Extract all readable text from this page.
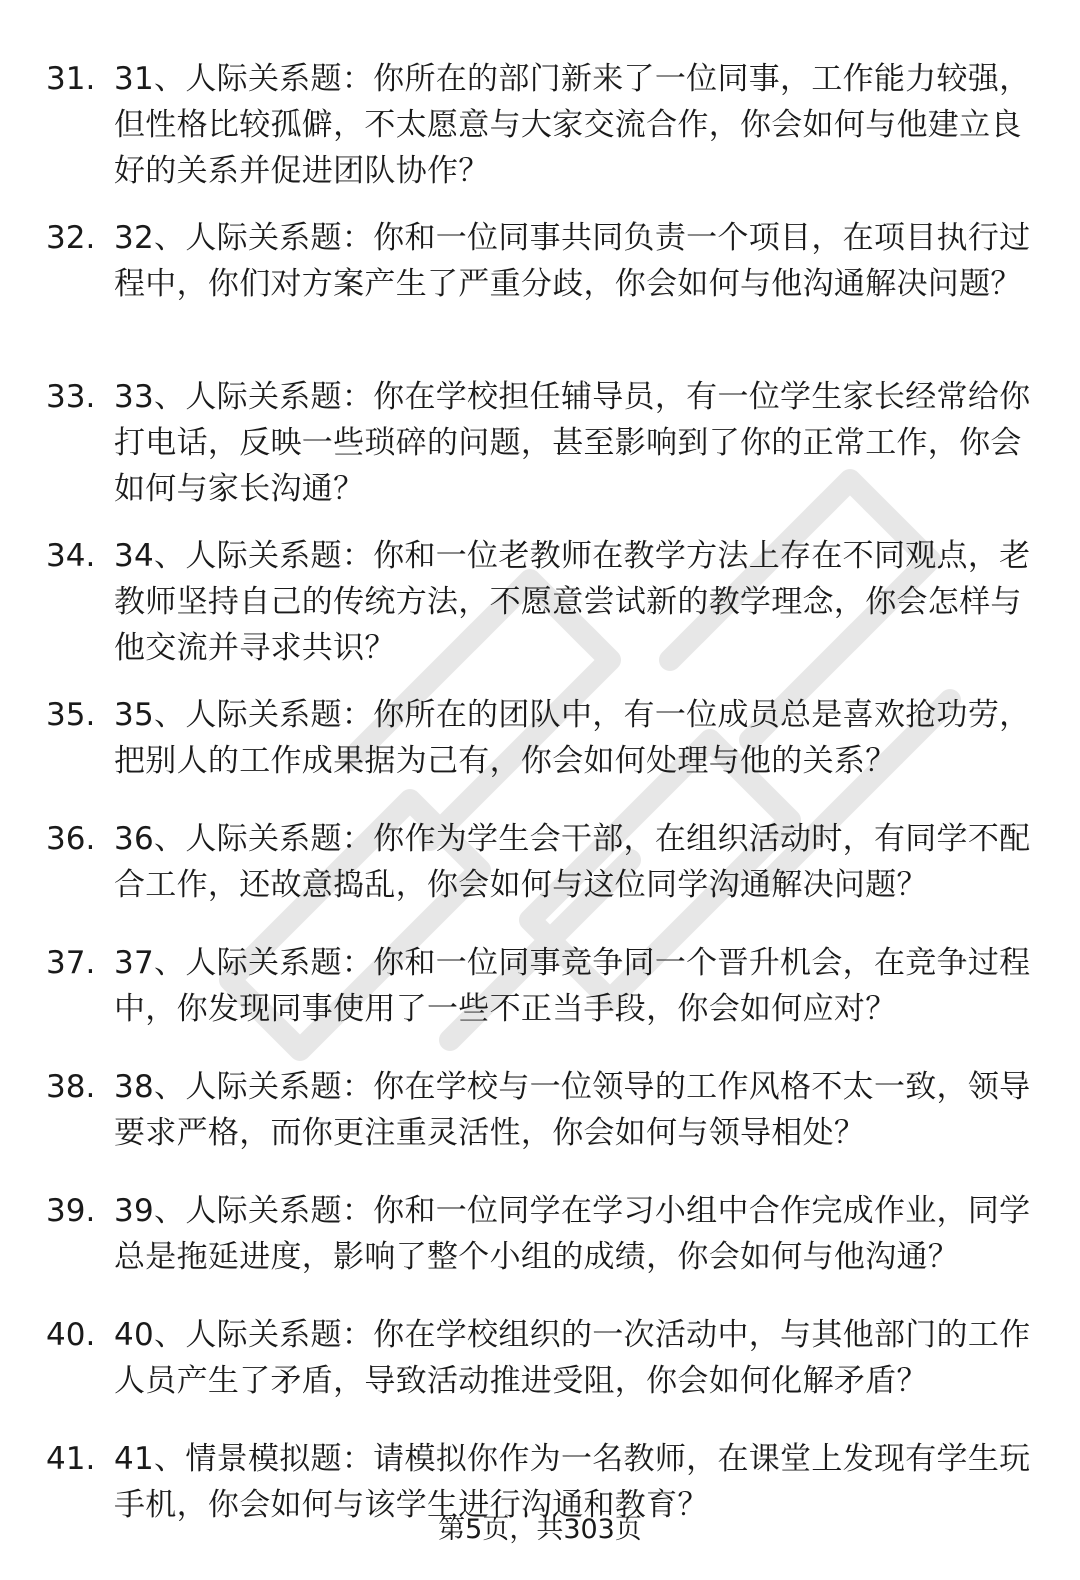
31. 31、人际关系题：你所在的部门新来了一位同事，工作能力较强，但性格比较孤僻，不太愿意与大家交流合作，你会如何与他建立良好的关系并促进团队协作？
32. 32、人际关系题：你和一位同事共同负责一个项目，在项目执行过程中，你们对方案产生了严重分歧，你会如何与他沟通解决问题？
33. 33、人际关系题：你在学校担任辅导员，有一位学生家长经常给你打电话，反映一些琐碎的问题，甚至影响到了你的正常工作，你会如何与家长沟通？
34. 34、人际关系题：你和一位老教师在教学方法上存在不同观点，老教师坚持自己的传统方法，不愿意尝试新的教学理念，你会怎样与他交流并寻求共识？
35. 35、人际关系题：你所在的团队中，有一位成员总是喜欢抢功劳，把别人的工作成果据为己有，你会如何处理与他的关系？
36. 36、人际关系题：你作为学生会干部，在组织活动时，有同学不配合工作，还故意捣乱，你会如何与这位同学沟通解决问题？
37. 37、人际关系题：你和一位同事竞争同一个晋升机会，在竞争过程中，你发现同事使用了一些不正当手段，你会如何应对？
38. 38、人际关系题：你在学校与一位领导的工作风格不太一致，领导要求严格，而你更注重灵活性，你会如何与领导相处？
39. 39、人际关系题：你和一位同学在学习小组中合作完成作业，同学总是拖延进度，影响了整个小组的成绩，你会如何与他沟通？
40. 40、人际关系题：你在学校组织的一次活动中，与其他部门的工作人员产生了矛盾，导致活动推进受阻，你会如何化解矛盾？
41. 41、情景模拟题：请模拟你作为一名教师，在课堂上发现有学生玩手机，你会如何与该学生进行沟通和教育？
第5页，共303页
